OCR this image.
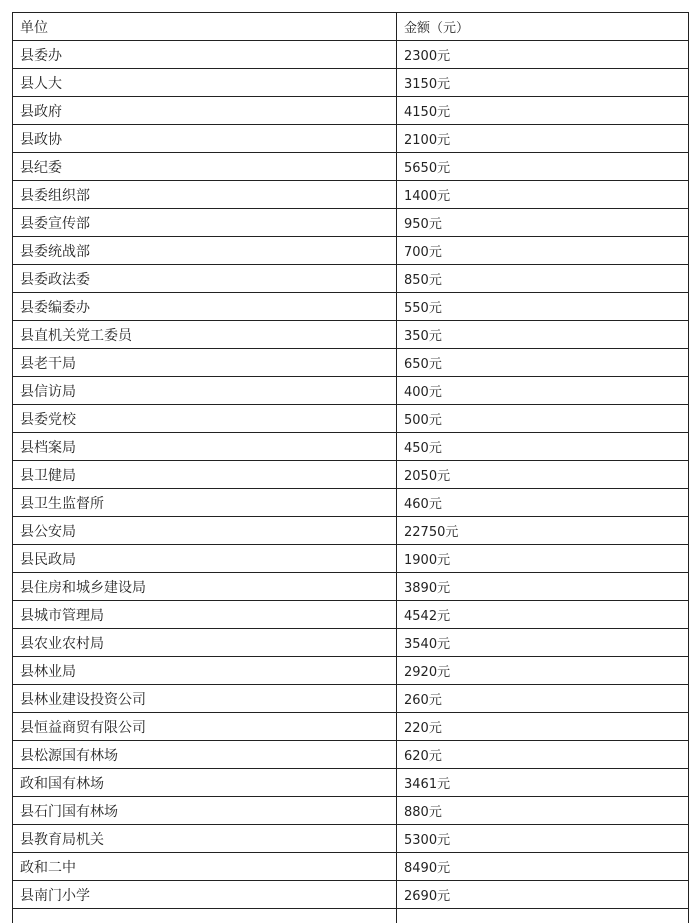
单位	金额（元）
县委办	2300元
县人大	3150元
县政府	4150元
县政协	2100元
县纪委	5650元
县委组织部	1400元
县委宣传部	950元
县委统战部	700元
县委政法委	850元
县委编委办	550元
县直机关党工委员	350元
县老干局	650元
县信访局	400元
县委党校	500元
县档案局	450元
县卫健局	2050元
县卫生监督所	460元
县公安局	22750元
县民政局	1900元
县住房和城乡建设局	3890元
县城市管理局	4542元
县农业农村局	3540元
县林业局	2920元
县林业建设投资公司	260元
县恒益商贸有限公司	220元
县松源国有林场	620元
政和国有林场	3461元
县石门国有林场	880元
县教育局机关	5300元
政和二中	8490元
县南门小学	2690元
